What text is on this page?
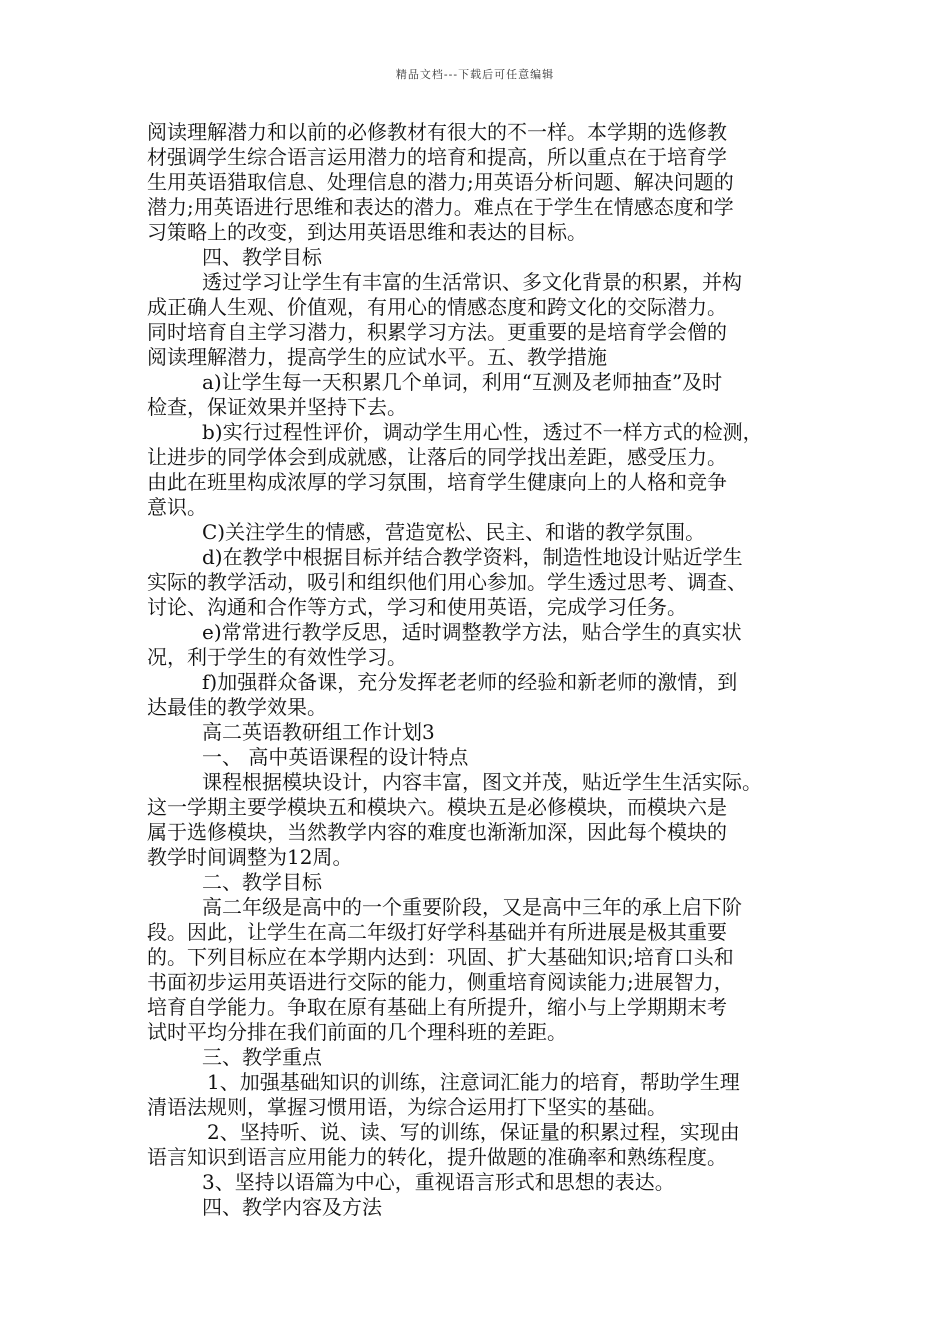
精品文档---下载后可任意编辑
阅读理解潜力和以前的必修教材有很大的不一样。本学期的选修教
材强调学生综合语言运用潜力的培育和提高，所以重点在于培育学
生用英语猎取信息、处理信息的潜力;用英语分析问题、解决问题的
潜力;用英语进行思维和表达的潜力。难点在于学生在情感态度和学
习策略上的改变，到达用英语思维和表达的目标。
四、教学目标
透过学习让学生有丰富的生活常识、多文化背景的积累，并构
成正确人生观、价值观，有用心的情感态度和跨文化的交际潜力。
同时培育自主学习潜力，积累学习方法。更重要的是培育学会僧的
阅读理解潜力，提高学生的应试水平。五、教学措施
a)让学生每一天积累几个单词，利用“互测及老师抽查”及时
检查，保证效果并坚持下去。
b)实行过程性评价，调动学生用心性，透过不一样方式的检测，
让进步的同学体会到成就感，让落后的同学找出差距，感受压力。
由此在班里构成浓厚的学习氛围，培育学生健康向上的人格和竞争
意识。
C)关注学生的情感，营造宽松、民主、和谐的教学氛围。
d)在教学中根据目标并结合教学资料，制造性地设计贴近学生
实际的教学活动，吸引和组织他们用心参加。学生透过思考、调查、
讨论、沟通和合作等方式，学习和使用英语，完成学习任务。
e)常常进行教学反思，适时调整教学方法，贴合学生的真实状
况，利于学生的有效性学习。
f)加强群众备课，充分发挥老老师的经验和新老师的激情，到
达最佳的教学效果。
高二英语教研组工作计划3
一、 高中英语课程的设计特点
课程根据模块设计，内容丰富，图文并茂，贴近学生生活实际。
这一学期主要学模块五和模块六。模块五是必修模块，而模块六是
属于选修模块，当然教学内容的难度也渐渐加深，因此每个模块的
教学时间调整为12周。
二、教学目标
高二年级是高中的一个重要阶段，又是高中三年的承上启下阶
段。因此，让学生在高二年级打好学科基础并有所进展是极其重要
的。下列目标应在本学期内达到：巩固、扩大基础知识;培育口头和
书面初步运用英语进行交际的能力，侧重培育阅读能力;进展智力，
培育自学能力。争取在原有基础上有所提升，缩小与上学期期末考
试时平均分排在我们前面的几个理科班的差距。
三、教学重点
1、加强基础知识的训练，注意词汇能力的培育，帮助学生理
清语法规则，掌握习惯用语，为综合运用打下坚实的基础。
2、坚持听、说、读、写的训练，保证量的积累过程，实现由
语言知识到语言应用能力的转化，提升做题的准确率和熟练程度。
3、坚持以语篇为中心，重视语言形式和思想的表达。
四、教学内容及方法
